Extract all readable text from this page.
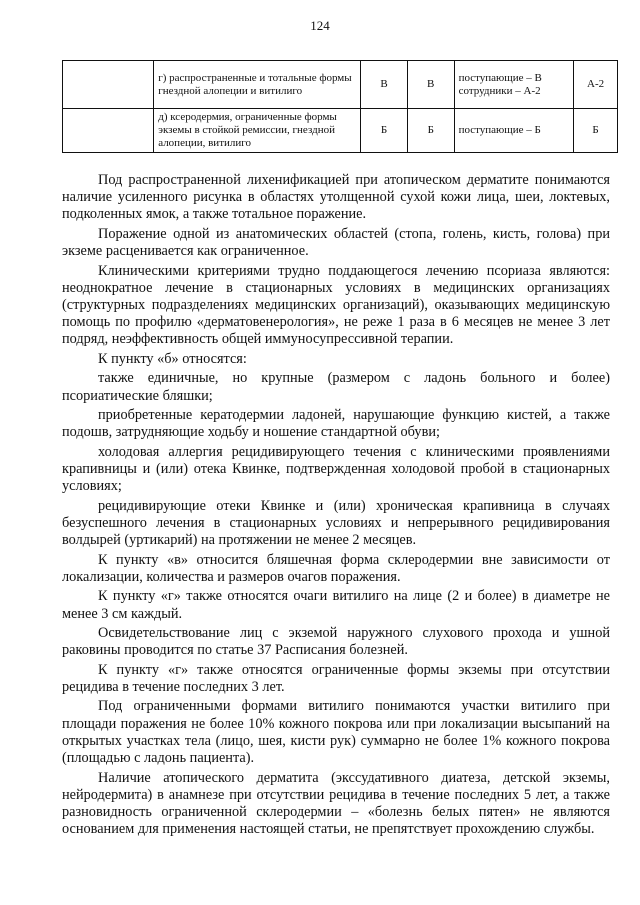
124
	г) распространенные и тотальные формы гнездной алопеции и витилиго	В	В	поступающие – В сотрудники – А-2	А-2
	д) ксеродермия, ограниченные формы экземы в стойкой ремиссии, гнездной алопеции, витилиго	Б	Б	поступающие – Б	Б

Под распространенной лихенификацией при атопическом дерматите понимаются наличие усиленного рисунка в областях утолщенной сухой кожи лица, шеи, локтевых, подколенных ямок, а также тотальное поражение.

Поражение одной из анатомических областей (стопа, голень, кисть, голова) при экземе расценивается как ограниченное.

Клиническими критериями трудно поддающегося лечению псориаза являются: неоднократное лечение в стационарных условиях в медицинских организациях (структурных подразделениях медицинских организаций), оказывающих медицинскую помощь по профилю «дерматовенерология», не реже 1 раза в 6 месяцев не менее 3 лет подряд, неэффективность общей иммуносупрессивной терапии.

К пункту «б» относятся:

также единичные, но крупные (размером с ладонь больного и более) псориатические бляшки;

приобретенные кератодермии ладоней, нарушающие функцию кистей, а также подошв, затрудняющие ходьбу и ношение стандартной обуви;

холодовая аллергия рецидивирующего течения с клиническими проявлениями крапивницы и (или) отека Квинке, подтвержденная холодовой пробой в стационарных условиях;

рецидивирующие отеки Квинке и (или) хроническая крапивница в случаях безуспешного лечения в стационарных условиях и непрерывного рецидивирования волдырей (уртикарий) на протяжении не менее 2 месяцев.

К пункту «в» относится бляшечная форма склеродермии вне зависимости от локализации, количества и размеров очагов поражения.

К пункту «г» также относятся очаги витилиго на лице (2 и более) в диаметре не менее 3 см каждый.

Освидетельствование лиц с экземой наружного слухового прохода и ушной раковины проводится по статье 37 Расписания болезней.

К пункту «г» также относятся ограниченные формы экземы при отсутствии рецидива в течение последних 3 лет.

Под ограниченными формами витилиго понимаются участки витилиго при площади поражения не более 10% кожного покрова или при локализации высыпаний на открытых участках тела (лицо, шея, кисти рук) суммарно не более 1% кожного покрова (площадью с ладонь пациента).

Наличие атопического дерматита (экссудативного диатеза, детской экземы, нейродермита) в анамнезе при отсутствии рецидива в течение последних 5 лет, а также разновидность ограниченной склеродермии – «болезнь белых пятен» не являются основанием для применения настоящей статьи, не препятствует прохождению службы.
